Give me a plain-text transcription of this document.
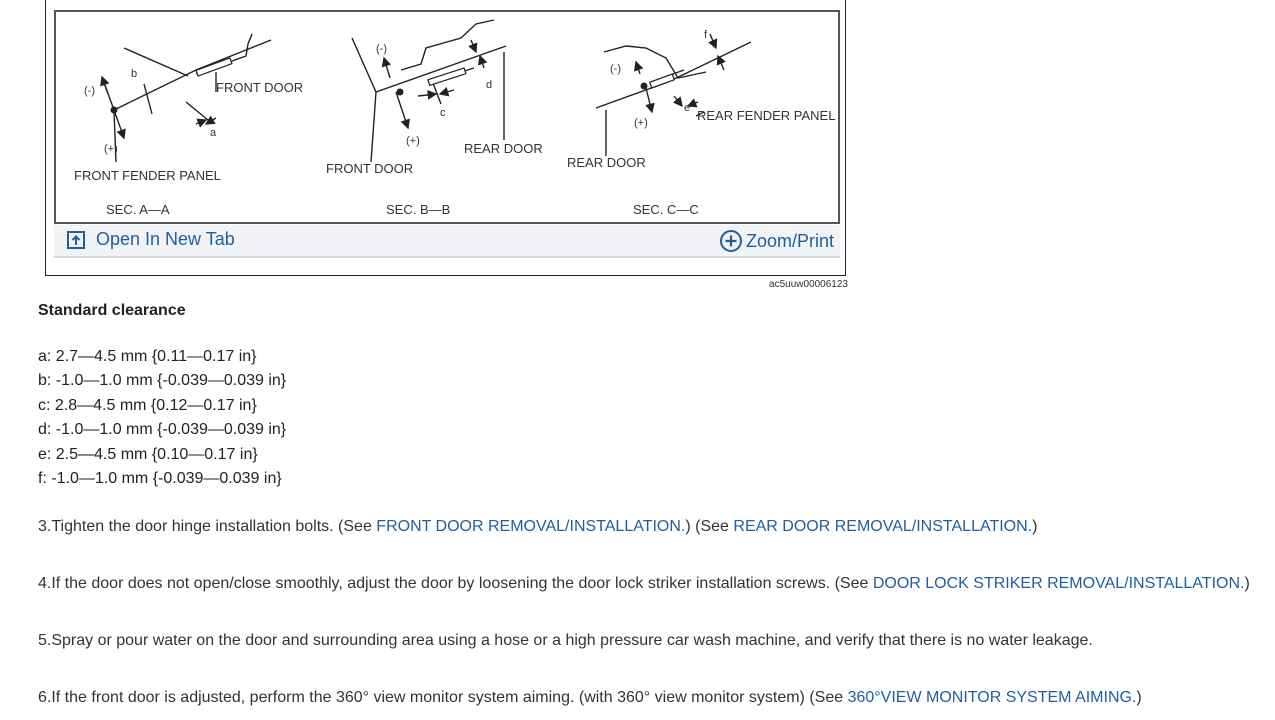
(-)
b
a
(+)
FRONT DOOR
FRONT FENDER PANEL
SEC. A—A
(-)
c
d
(+)	REAR DOOR
FRONT DOOR
SEC. B—B
(-)
f
e
(+)	REAR FENDER PANEL
REAR DOOR
SEC. C—C
Open In New Tab	Zoom/Print
ac5uuw00006123
Standard clearance
a: 2.7—4.5 mm {0.11—0.17 in}
b: -1.0—1.0 mm {-0.039—0.039 in}
c: 2.8—4.5 mm {0.12—0.17 in}
d: -1.0—1.0 mm {-0.039—0.039 in}
e: 2.5—4.5 mm {0.10—0.17 in}
f: -1.0—1.0 mm {-0.039—0.039 in}
3.Tighten the door hinge installation bolts. (See FRONT DOOR REMOVAL/INSTALLATION.) (See REAR DOOR REMOVAL/INSTALLATION.)
4.If the door does not open/close smoothly, adjust the door by loosening the door lock striker installation screws. (See DOOR LOCK STRIKER REMOVAL/INSTALLATION.)
5.Spray or pour water on the door and surrounding area using a hose or a high pressure car wash machine, and verify that there is no water leakage.
6.If the front door is adjusted, perform the 360° view monitor system aiming. (with 360° view monitor system) (See 360°VIEW MONITOR SYSTEM AIMING.)
